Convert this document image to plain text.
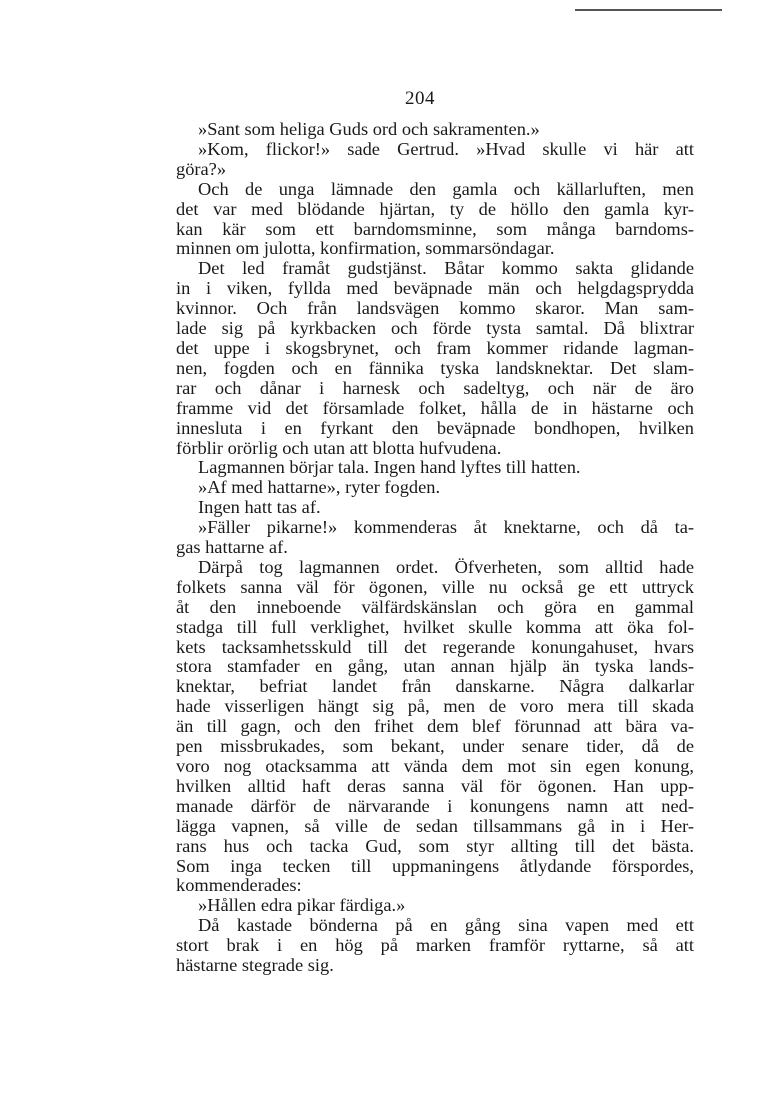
204
»Sant som heliga Guds ord och sakramenten.»
»Kom, flickor!» sade Gertrud. »Hvad skulle vi här att
göra?»
Och de unga lämnade den gamla och källarluften, men
det var med blödande hjärtan, ty de höllo den gamla kyr-
kan kär som ett barndomsminne, som många barndoms-
minnen om julotta, konfirmation, sommarsöndagar.
Det led framåt gudstjänst. Båtar kommo sakta glidande
in i viken, fyllda med beväpnade män och helgdagsprydda
kvinnor. Och från landsvägen kommo skaror. Man sam-
lade sig på kyrkbacken och förde tysta samtal. Då blixtrar
det uppe i skogsbrynet, och fram kommer ridande lagman-
nen, fogden och en fännika tyska landsknektar. Det slam-
rar och dånar i harnesk och sadeltyg, och när de äro
framme vid det församlade folket, hålla de in hästarne och
innesluta i en fyrkant den beväpnade bondhopen, hvilken
förblir orörlig och utan att blotta hufvudena.
Lagmannen börjar tala. Ingen hand lyftes till hatten.
»Af med hattarne», ryter fogden.
Ingen hatt tas af.
»Fäller pikarne!» kommenderas åt knektarne, och då ta-
gas hattarne af.
Därpå tog lagmannen ordet. Öfverheten, som alltid hade
folkets sanna väl för ögonen, ville nu också ge ett uttryck
åt den inneboende välfärdskänslan och göra en gammal
stadga till full verklighet, hvilket skulle komma att öka fol-
kets tacksamhetsskuld till det regerande konungahuset, hvars
stora stamfader en gång, utan annan hjälp än tyska lands-
knektar, befriat landet från danskarne. Några dalkarlar
hade visserligen hängt sig på, men de voro mera till skada
än till gagn, och den frihet dem blef förunnad att bära va-
pen missbrukades, som bekant, under senare tider, då de
voro nog otacksamma att vända dem mot sin egen konung,
hvilken alltid haft deras sanna väl för ögonen. Han upp-
manade därför de närvarande i konungens namn att ned-
lägga vapnen, så ville de sedan tillsammans gå in i Her-
rans hus och tacka Gud, som styr allting till det bästa.
Som inga tecken till uppmaningens åtlydande förspordes,
kommenderades:
»Hållen edra pikar färdiga.»
Då kastade bönderna på en gång sina vapen med ett
stort brak i en hög på marken framför ryttarne, så att
hästarne stegrade sig.
